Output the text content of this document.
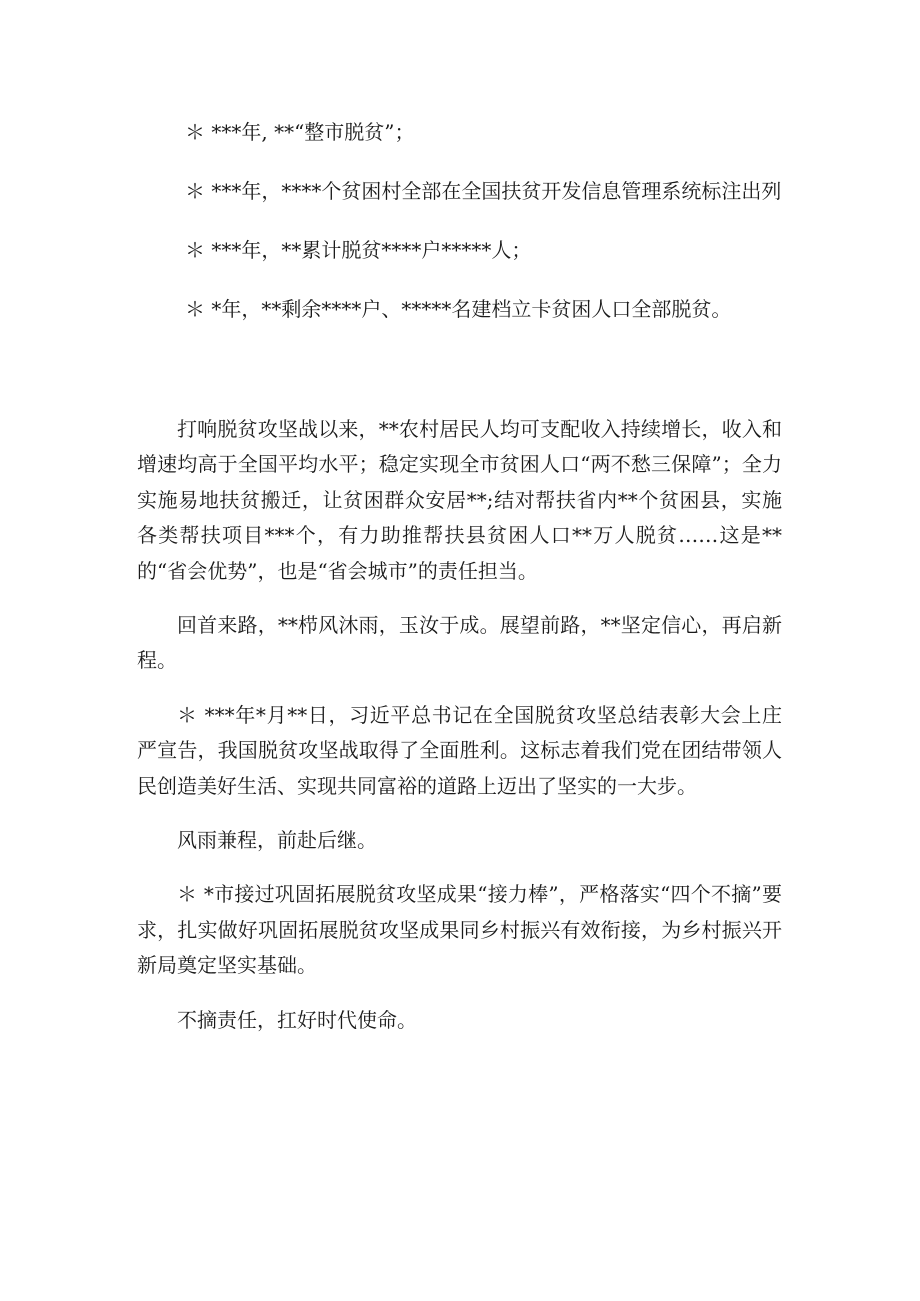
＊ ***年, **“整市脱贫”；
＊ ***年，****个贫困村全部在全国扶贫开发信息管理系统标注出列
＊ ***年，**累计脱贫****户*****人；
＊ *年，**剩余****户、*****名建档立卡贫困人口全部脱贫。

打响脱贫攻坚战以来，**农村居民人均可支配收入持续增长，收入和增速均高于全国平均水平；稳定实现全市贫困人口“两不愁三保障”；全力实施易地扶贫搬迁，让贫困群众安居**;结对帮扶省内**个贫困县，实施各类帮扶项目***个，有力助推帮扶县贫困人口**万人脱贫……这是**的“省会优势”，也是“省会城市”的责任担当。

回首来路，**栉风沐雨，玉汝于成。展望前路，**坚定信心，再启新程。

＊ ***年*月**日，习近平总书记在全国脱贫攻坚总结表彰大会上庄严宣告，我国脱贫攻坚战取得了全面胜利。这标志着我们党在团结带领人民创造美好生活、实现共同富裕的道路上迈出了坚实的一大步。

风雨兼程，前赴后继。

＊ *市接过巩固拓展脱贫攻坚成果“接力棒”，严格落实“四个不摘”要求，扎实做好巩固拓展脱贫攻坚成果同乡村振兴有效衔接，为乡村振兴开新局奠定坚实基础。

不摘责任，扛好时代使命。
